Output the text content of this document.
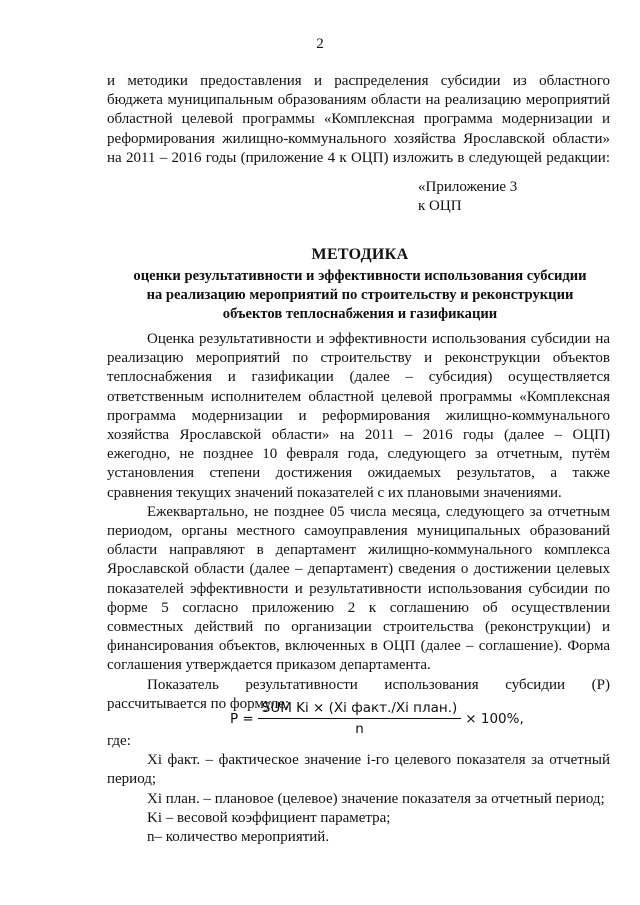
2
и методики предоставления и распределения субсидии из областного
бюджета муниципальным образованиям области на реализацию мероприятий
областной целевой программы «Комплексная программа модернизации и
реформирования жилищно-коммунального хозяйства Ярославской области»
на 2011 – 2016 годы (приложение 4 к ОЦП) изложить в следующей редакции:
«Приложение 3
к ОЦП
МЕТОДИКА
оценки результативности и эффективности использования субсидии
на реализацию мероприятий по строительству и реконструкции
объектов теплоснабжения и газификации
Оценка результативности и эффективности использования субсидии на
реализацию мероприятий по строительству и реконструкции объектов
теплоснабжения и газификации (далее – субсидия) осуществляется
ответственным исполнителем областной целевой программы «Комплексная
программа модернизации и реформирования жилищно-коммунального
хозяйства Ярославской области» на 2011 – 2016 годы (далее – ОЦП)
ежегодно, не позднее 10 февраля года, следующего за отчетным, путём
установления степени достижения ожидаемых результатов, а также
сравнения текущих значений показателей с их плановыми значениями.
Ежеквартально, не позднее 05 числа месяца, следующего за отчетным
периодом, органы местного самоуправления муниципальных образований
области направляют в департамент жилищно-коммунального комплекса
Ярославской области (далее – департамент) сведения о достижении целевых
показателей эффективности и результативности использования субсидии по
форме 5 согласно приложению 2 к соглашению об осуществлении
совместных действий по организации строительства (реконструкции) и
финансирования объектов, включенных в ОЦП (далее – соглашение). Форма
соглашения утверждается приказом департамента.
Показатель результативности использования субсидии (Р)
рассчитывается по формуле:
$P = \frac{\text{SUM Ki × (Xi факт./Xi план.)}}{n} \times 100\%$,
где:
Xi факт. – фактическое значение i-го целевого показателя за отчетный
период;
Xi план. – плановое (целевое) значение показателя за отчетный период;
Ki – весовой коэффициент параметра;
n– количество мероприятий.
